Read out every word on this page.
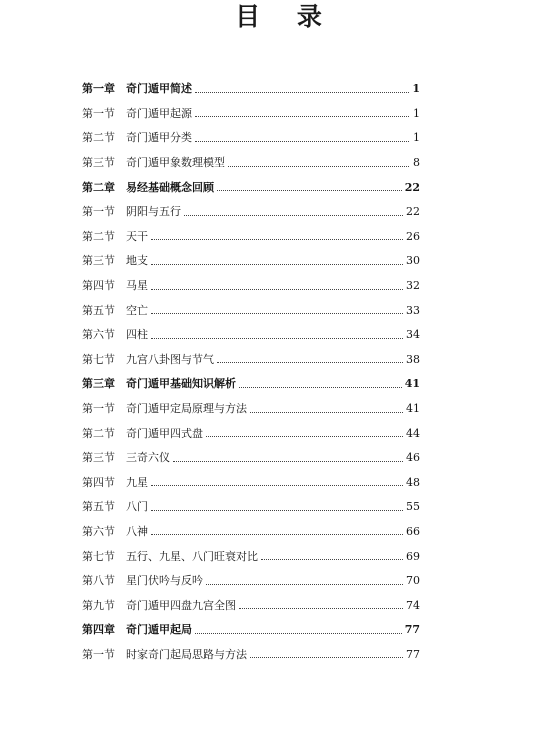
目 录
第一章	奇门遁甲简述	1
第一节	奇门遁甲起源	1
第二节	奇门遁甲分类	1
第三节	奇门遁甲象数理模型	8
第二章	易经基础概念回顾	22
第一节	阴阳与五行	22
第二节	天干	26
第三节	地支	30
第四节	马星	32
第五节	空亡	33
第六节	四柱	34
第七节	九宫八卦图与节气	38
第三章	奇门遁甲基础知识解析	41
第一节	奇门遁甲定局原理与方法	41
第二节	奇门遁甲四式盘	44
第三节	三奇六仪	46
第四节	九星	48
第五节	八门	55
第六节	八神	66
第七节	五行、九星、八门旺衰对比	69
第八节	星门伏吟与反吟	70
第九节	奇门遁甲四盘九宫全图	74
第四章	奇门遁甲起局	77
第一节	时家奇门起局思路与方法	77
